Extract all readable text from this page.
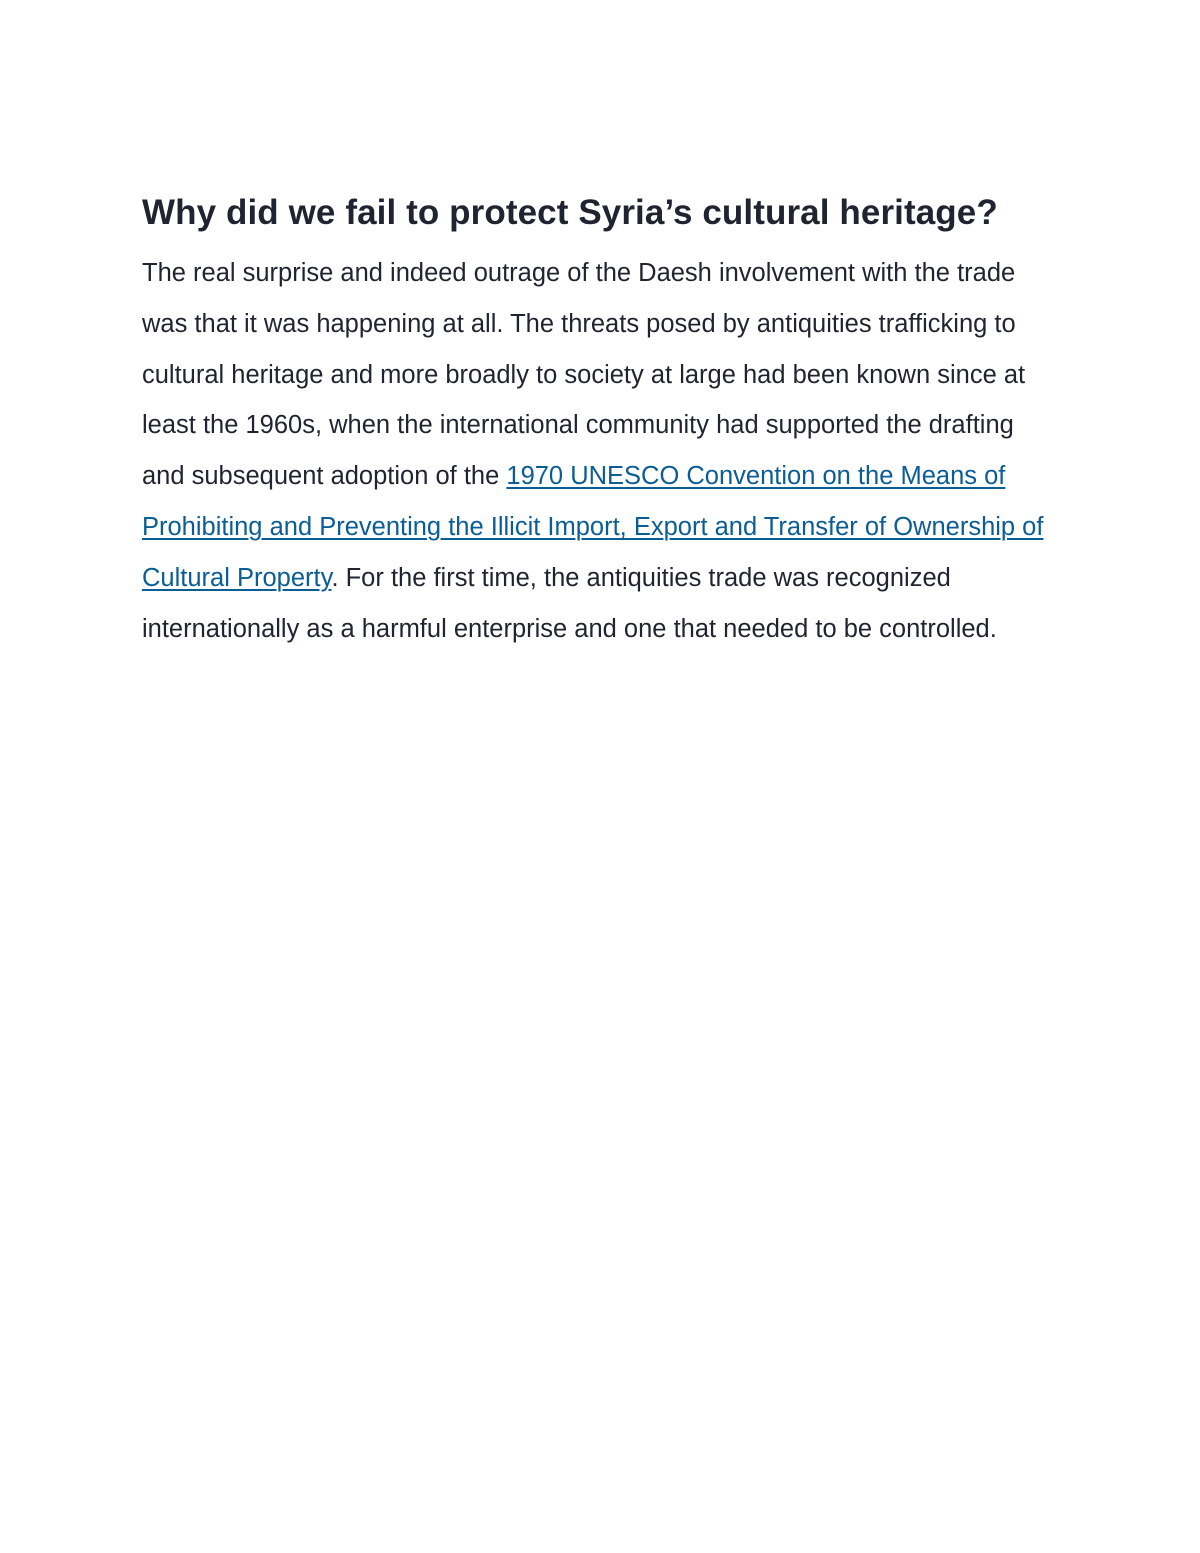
Why did we fail to protect Syria’s cultural heritage?

The real surprise and indeed outrage of the Daesh involvement with the trade was that it was happening at all. The threats posed by antiquities trafficking to cultural heritage and more broadly to society at large had been known since at least the 1960s, when the international community had supported the drafting and subsequent adoption of the 1970 UNESCO Convention on the Means of Prohibiting and Preventing the Illicit Import, Export and Transfer of Ownership of Cultural Property. For the first time, the antiquities trade was recognized internationally as a harmful enterprise and one that needed to be controlled.
